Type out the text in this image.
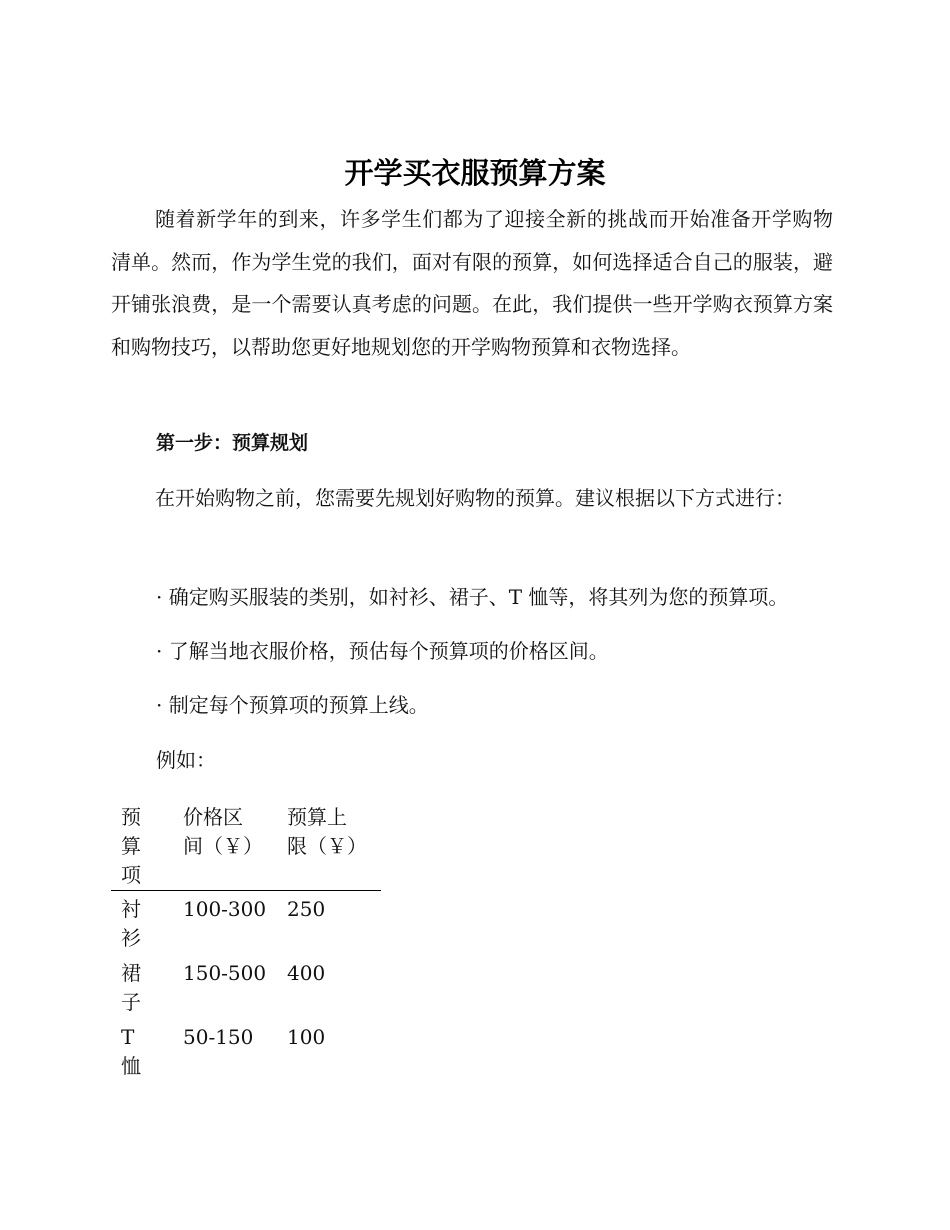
开学买衣服预算方案

随着新学年的到来，许多学生们都为了迎接全新的挑战而开始准备开学购物清单。然而，作为学生党的我们，面对有限的预算，如何选择适合自己的服装，避开铺张浪费，是一个需要认真考虑的问题。在此，我们提供一些开学购衣预算方案和购物技巧，以帮助您更好地规划您的开学购物预算和衣物选择。

第一步：预算规划

在开始购物之前，您需要先规划好购物的预算。建议根据以下方式进行：

· 确定购买服装的类别，如衬衫、裙子、T 恤等，将其列为您的预算项。

· 了解当地衣服价格，预估每个预算项的价格区间。

· 制定每个预算项的预算上线。

例如：

预算项	价格区间（￥）	预算上限（￥）

衬衫	100-300	250

裙子	150-500	400

T 恤	50-150	100
